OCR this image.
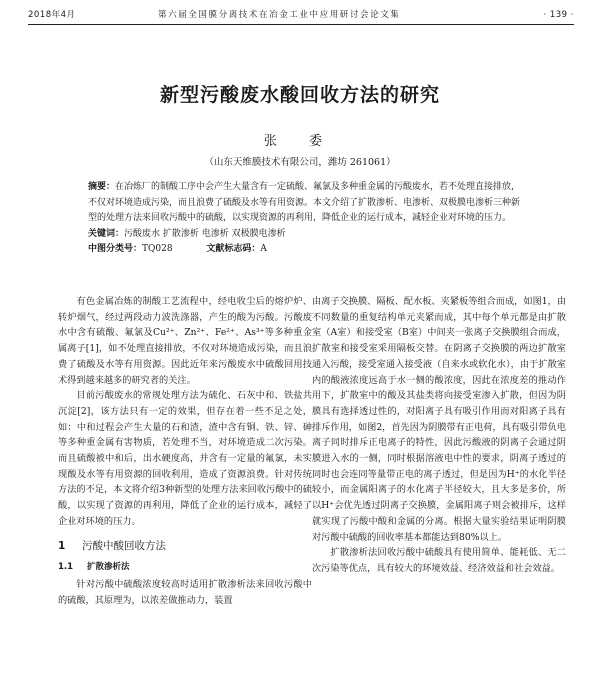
2018年4月	第六届全国膜分离技术在冶金工业中应用研讨会论文集	· 139 ·
新型污酸废水酸回收方法的研究
张 委
（山东天维膜技术有限公司，潍坊 261061）

摘要：在冶炼厂的制酸工序中会产生大量含有一定硫酸、氟氯及多种重金属的污酸废水，若不处理直接排放，不仅对环境造成污染，而且浪费了硫酸及水等有用资源。本文介绍了扩散渗析、电渗析、双极膜电渗析三种新型的处理方法来回收污酸中的硫酸，以实现资源的再利用，降低企业的运行成本，减轻企业对环境的压力。

关键词：污酸废水 扩散渗析 电渗析 双极膜电渗析

中图分类号：TQ028	文献标志码：A

有色金属冶炼的制酸工艺流程中，经电收尘后的熔炉炉、转炉烟气，经过两段动力波洗涤器，产生的酸为污酸。污酸废水中含有硫酸、氟氯及Cu²⁺、Zn²⁺、Fe²⁺、As³⁺等多种重金属离子[1]，如不处理直接排放，不仅对环境造成污染，而且浪费了硫酸及水等有用资源。因此近年来污酸废水中硫酸回用技术得到越来越多的研究者的关注。

目前污酸废水的常规处理方法为硫化、石灰中和、铁盐共沉淀[2]，该方法只有一定的效果，但存在着一些不足之处，如：中和过程会产生大量的石和渣，渣中含有铜、铁、锌、砷等多种重金属有害物质，若处理不当，对环境造成二次污染。而且硫酸被中和后，出水硬度高，并含有一定量的氟氯，未实现酸及水等有用资源的回收利用，造成了资源浪费。针对传统方法的不足，本文将介绍3种新型的处理方法来回收污酸中的硫酸，以实现了资源的再利用，降低了企业的运行成本，减轻了企业对环境的压力。

1 污酸中酸回收方法
1.1 扩散渗析法

针对污酸中硫酸浓度较高时适用扩散渗析法来回收污酸中的硫酸，其原理为，以浓差做推动力，装置

由离子交换膜、隔板、配水板、夹紧板等组合而成，如图1，由不同数量的重复结构单元夹紧而成，其中每个单元都是由扩散室（A室）和接受室（B室）中间夹一张离子交换膜组合而成，扩散室和接受室采用隔板交替。在阴离子交换膜的两边扩散室通入污酸，接受室通入接受液（自来水或软化水），由于扩散室内的酸液浓度远高于水一侧的酸浓度，因此在浓度差的推动作用下，扩散室中的酸及其盐类将向接受室渗入扩散，但因为阴膜具有选择透过性的，对阳离子具有吸引作用而对阳离子具有排斥作用，如图2，首先因为阴膜带有正电荷，具有吸引带负电离子同时排斥正电离子的特性，因此污酸液的阴离子会通过阴膜进入水的一侧，同时根据溶液电中性的要求，阴离子透过的同时也会连同等量带正电的离子透过，但是因为H⁺的水化半径较小，而金属阳离子的水化离子半径较大，且大多是多价，所以H⁺会优先透过阴离子交换膜，金属阳离子则会被排斥，这样就实现了污酸中酸和金属的分离。根据大量实验结果证明阴膜对污酸中硫酸的回收率基本都能达到80%以上。

扩散渗析法回收污酸中硫酸具有使用简单、能耗低、无二次污染等优点，具有较大的环境效益、经济效益和社会效益。
